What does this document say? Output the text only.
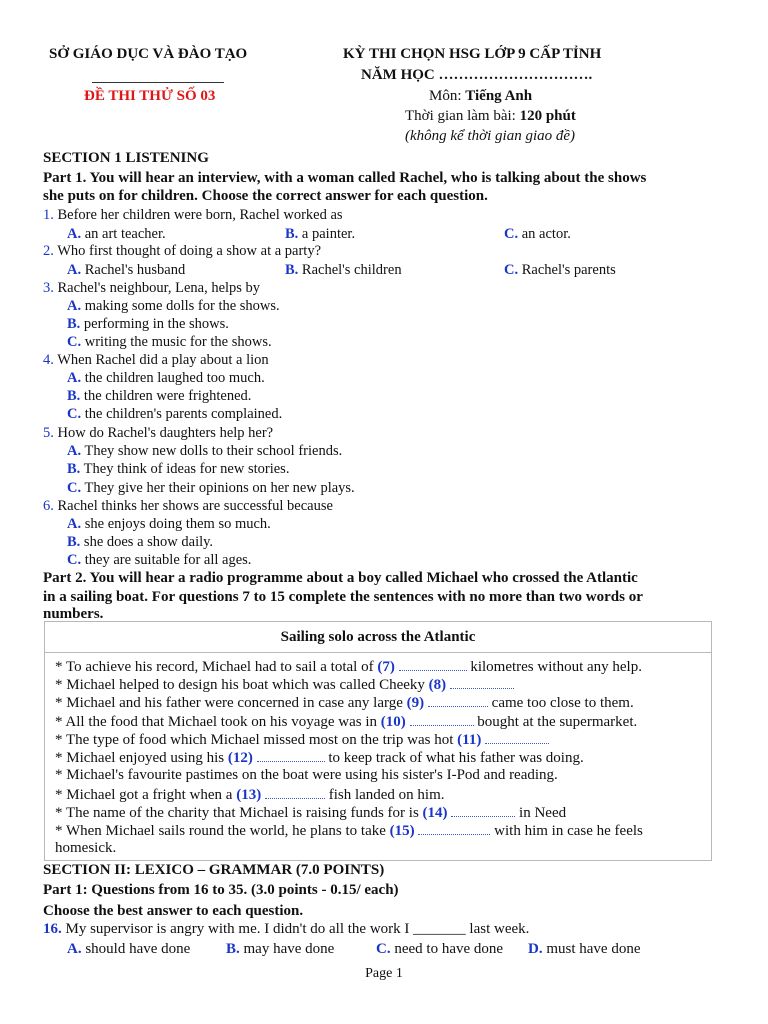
SỞ GIÁO DỤC VÀ ĐÀO TẠO	KỲ THI CHỌN HSG LỚP 9 CẤP TỈNH
NĂM HỌC ………………………….
ĐỀ THI THỬ SỐ 03	Môn: Tiếng Anh
Thời gian làm bài: 120 phút
(không kể thời gian giao đề)
SECTION 1 LISTENING
Part 1. You will hear an interview, with a woman called Rachel, who is talking about the shows
she puts on for children. Choose the correct answer for each question.
1. Before her children were born, Rachel worked as
A. an art teacher.	B. a painter.	C. an actor.
2. Who first thought of doing a show at a party?
A. Rachel's husband	B. Rachel's children	C. Rachel's parents
3. Rachel's neighbour, Lena, helps by
A. making some dolls for the shows.
B. performing in the shows.
C. writing the music for the shows.
4. When Rachel did a play about a lion
A. the children laughed too much.
B. the children were frightened.
C. the children's parents complained.
5. How do Rachel's daughters help her?
A. They show new dolls to their school friends.
B. They think of ideas for new stories.
C. They give her their opinions on her new plays.
6. Rachel thinks her shows are successful because
A. she enjoys doing them so much.
B. she does a show daily.
C. they are suitable for all ages.
Part 2. You will hear a radio programme about a boy called Michael who crossed the Atlantic
in a sailing boat. For questions 7 to 15 complete the sentences with no more than two words or
numbers.
Sailing solo across the Atlantic
* To achieve his record, Michael had to sail a total of (7)	kilometres without any help.
* Michael helped to design his boat which was called Cheeky (8)
* Michael and his father were concerned in case any large (9)	came too close to them.
* All the food that Michael took on his voyage was in (10)	bought at the supermarket.
* The type of food which Michael missed most on the trip was hot (11)
* Michael enjoyed using his (12)	to keep track of what his father was doing.
* Michael's favourite pastimes on the boat were using his sister's I-Pod and reading.
* Michael got a fright when a (13)	fish landed on him.
* The name of the charity that Michael is raising funds for is (14)	in Need
* When Michael sails round the world, he plans to take (15)	with him in case he feels
homesick.
SECTION II: LEXICO – GRAMMAR (7.0 POINTS)
Part 1: Questions from 16 to 35. (3.0 points - 0.15/ each)
Choose the best answer to each question.
16. My supervisor is angry with me. I didn't do all the work I _______ last week.
A. should have done B. may have done	C. need to have done D. must have done
Page 1
